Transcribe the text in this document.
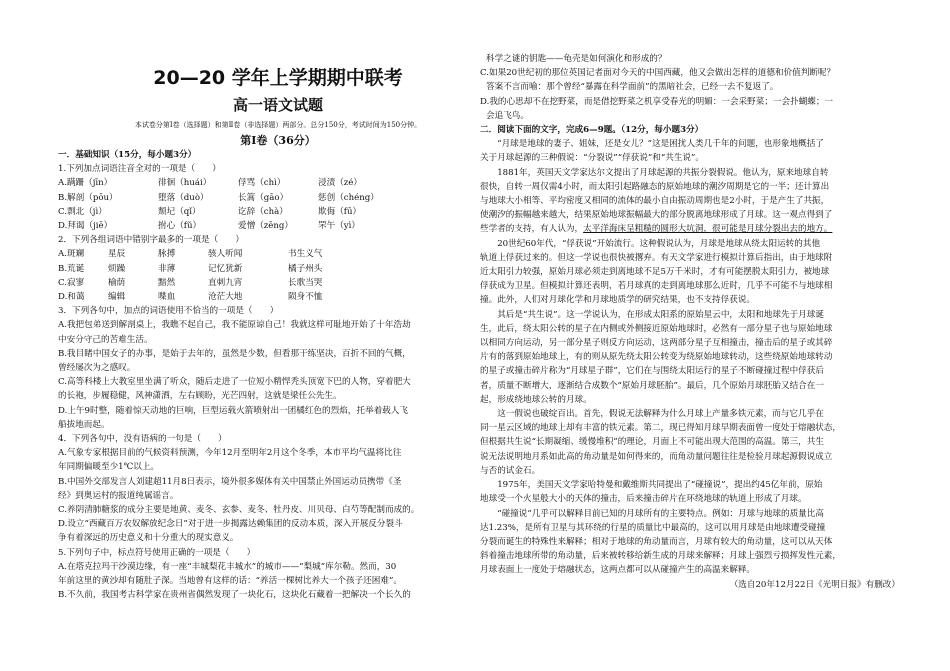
20—20 学年上学期期中联考
高一语文试题
本试卷分第Ⅰ卷（选择题）和第Ⅱ卷（非选择题）两部分。总分150分，考试时间为150分钟。
第Ⅰ卷（36分）
一．基础知识（15分，每小题3分）
1.下列加点词语注音全对的一项是（　　）
A.蹒跚（jīn）	徘徊（huái）	俘骂（chì）	浸渍（zé）
B.解剖（pōu）	堕落（duò）	长篙（gāo）	惩创（chéng）
C.剽北（jì）	颓圮（qǐ）	讫辞（chà）	欺侮（fū）
D.拜谒（jiē）	拊心（fǔ）	爱憎（zēng）	罘午（yì）
2．下列各组词语中错别字最多的一项是（　　）
A.斑斓	星辰	脉搏	骇人听闻	书生义气
B.荒诞	烦躁	非薄	记忆犹新	橘子州头
C.寂寥	榆荫	黯然	直刺九宵	长歌当哭
D.和蔼	编辑	喋血	沧茫大地	陨身不恤
3．下列各句中，加点的词语使用不恰当的一项是（　　）
A.我把包弟送到解剖桌上，我瞧不起自己，我不能原谅自己！我就这样可耻地开始了十年浩劫
中安分守己的苦难生活。
B.我目睹中国女子的办事，是始于去年的，虽然是少数，但看那干练坚决，百折不回的气概，
曾经屡次为之感叹。
C.高等科楼上大教室里坐满了听众，随后走进了一位短小精悍秃头顶宽下巴的人物，穿着肥大
的长袍，步履稳健，风神潇洒，左右顾盼，光芒四射，这就是梁任公先生。
D.上午9时整，随着惊天动地的巨响，巨型运载火箭喷射出一团橘红色的烈焰，托举着载人飞
船拔地而起。
4．下列各句中，没有语病的一句是（　　）
A.气象专家根据目前的气候资料预测，今年12月至明年2月这个冬季，本市平均气温将比往
年同期偏暖至少1℃以上。
B.中国外交部发言人刘建超11月8日表示，境外很多媒体有关中国禁止外国运动员携带《圣
经》到奥运村的报道纯属谣言。
C.养阴清肺糖浆的成分主要是地黄、麦冬、玄参、麦冬、牡丹皮、川贝母、白芍等配制而成的。
D.设立“西藏百万农奴解放纪念日”对于进一步揭露达赖集团的反动本质，深入开展反分裂斗
争有着深远的历史意义和十分重大的现实意义。
5.下列句子中，标点符号使用正确的一项是（　　）
A.在塔克拉玛干沙漠边缘，有一座“丰城梨花丰城水”的城市——“梨城”库尔勒。然而，30
年前这里的黄沙却有随肚子深。当地曾有这样的话：“养活一棵树比养大一个孩子还困难”。
B.不久前，我国考古科学家在贵州省偶然发现了一块化石，这块化石藏着一把解决一个长久的
科学之谜的钥匙——龟壳是如何演化和形成的？
C.如果20世纪初的那位英国记者面对今天的中国西藏，他又会做出怎样的道德和价值判断呢？
答案不言而喻：那个曾经“暴露在科学面前”的黑暗社会，已经一去不复返了。
D.我的心思却不在挖野菜，而是借挖野菜之机享受春光的明媚：一会采野菜；一会扑蝴蝶；一
会追飞鸟。
二．阅读下面的文字，完成6—9题。（12分，每小题3分）

“月球是地球的妻子、姐妹，还是女儿？”这是困扰人类几千年的问题，也形象地概括了

关于月球起源的三种假说：“分裂说”“俘获说”和“共生说”。

1881年，英国天文学家达尔文提出了月球起源的共振分裂假说。他认为，原来地球自转

很快，自转一周仅需4小时，而太阳引起路融态的原始地球的潮汐周期是它的一半；还计算出

与地球大小相等、平均密度又相同的流体的最小自由振动周期也是2小时，于是产生了共振，

使潮汐的振幅越来越大，结果原始地球振幅最大的部分脱离地球形成了月球。这一观点得到了

些学者的支持，有人认为，太平洋海床呈粗糙的圆形大坑洞，很可能是月球分裂出去的地方。

20世纪60年代，“俘获说”开始流行。这种假说认为，月球是地球从绕太阳运转的其他

轨道上俘获过来的。但这一学说也很快被撂弃。有天文学家进行模拟计算后指出，由于地球附

近太阳引力较强，原始月球必须走到离地球不足5万千米时，才有可能摆脱太阳引力，被地球

俘获成为卫星。但模拟计算还表明，若月球真的走到离地球那么近时，几乎不可能不与地球相

撞。此外，人们对月球化学和月球地质学的研究结果，也不支持俘获说。

其后是“共生说”。这一学说认为，在形成太阳系的原始星云中，太阳和地球先于月球诞

生，此后，绕太阳公转的星子在内侧或外侧接近原始地球时，必然有一部分星子也与原始地球

以相同方向运动，另一部分星子则反方向运动，这两部分星子互相撞击，撞击后的星子或其碎

片有的落到原始地球上，有的则从原先绕太阳公转变为绕原始地球转动，这些绕原始地球转动

的星子或撞击碎片称为“月球星子群”，它们在与围绕太阳运行的星子不断碰撞过程中俘获后

者，质量不断增大，逐渐结合成数个“原始月球胚胎”。最后，几个原始月球胚胎又结合在一

起，形成绕地球公转的月球。

这一假说也破绽百出。首先，假说无法解释为什么月球上产量多铁元素，而与它几乎在

同一星云区域的地球上却有丰富的铁元素。第二，现已得知月球早期表面曾一度处于熔融状态，

但根据共生说“长期凝缩、缓慢堆积”的理论，月面上不可能出现大范围的高温。第三，共生

说无法说明地月系如此高的角动量是如何得来的，而角动量问题往往是检验月球起源假说成立

与否的试金石。

1975年，美国天文学家哈特曼和戴维斯共同提出了“碰撞说”，提出约45亿年前，原始

地球受一个火星般大小的天体的撞击，后来撞击碎片在环绕地球的轨道上形成了月球。

“碰撞说”几乎可以解释目前已知的月球所有的主要特点。例如：月球与地球的质量比高

达1.23%，是所有卫星与其环绕的行星的质量比中最高的，这可以用月球是由地球遭受碰撞

分裂而诞生的特殊性来解释；相对于地球的角动量而言，月球有较大的角动量，这可以从天体

斜着撞击地球所带的角动量，后来被转移给新生成的月球来解释；月球上强烈亏损挥发性元素，

月球表面上一度处于熔融状态，这两点都可以从碰撞产生的高温来解释。

（选自20年12月22日《光明日报》有删改）
